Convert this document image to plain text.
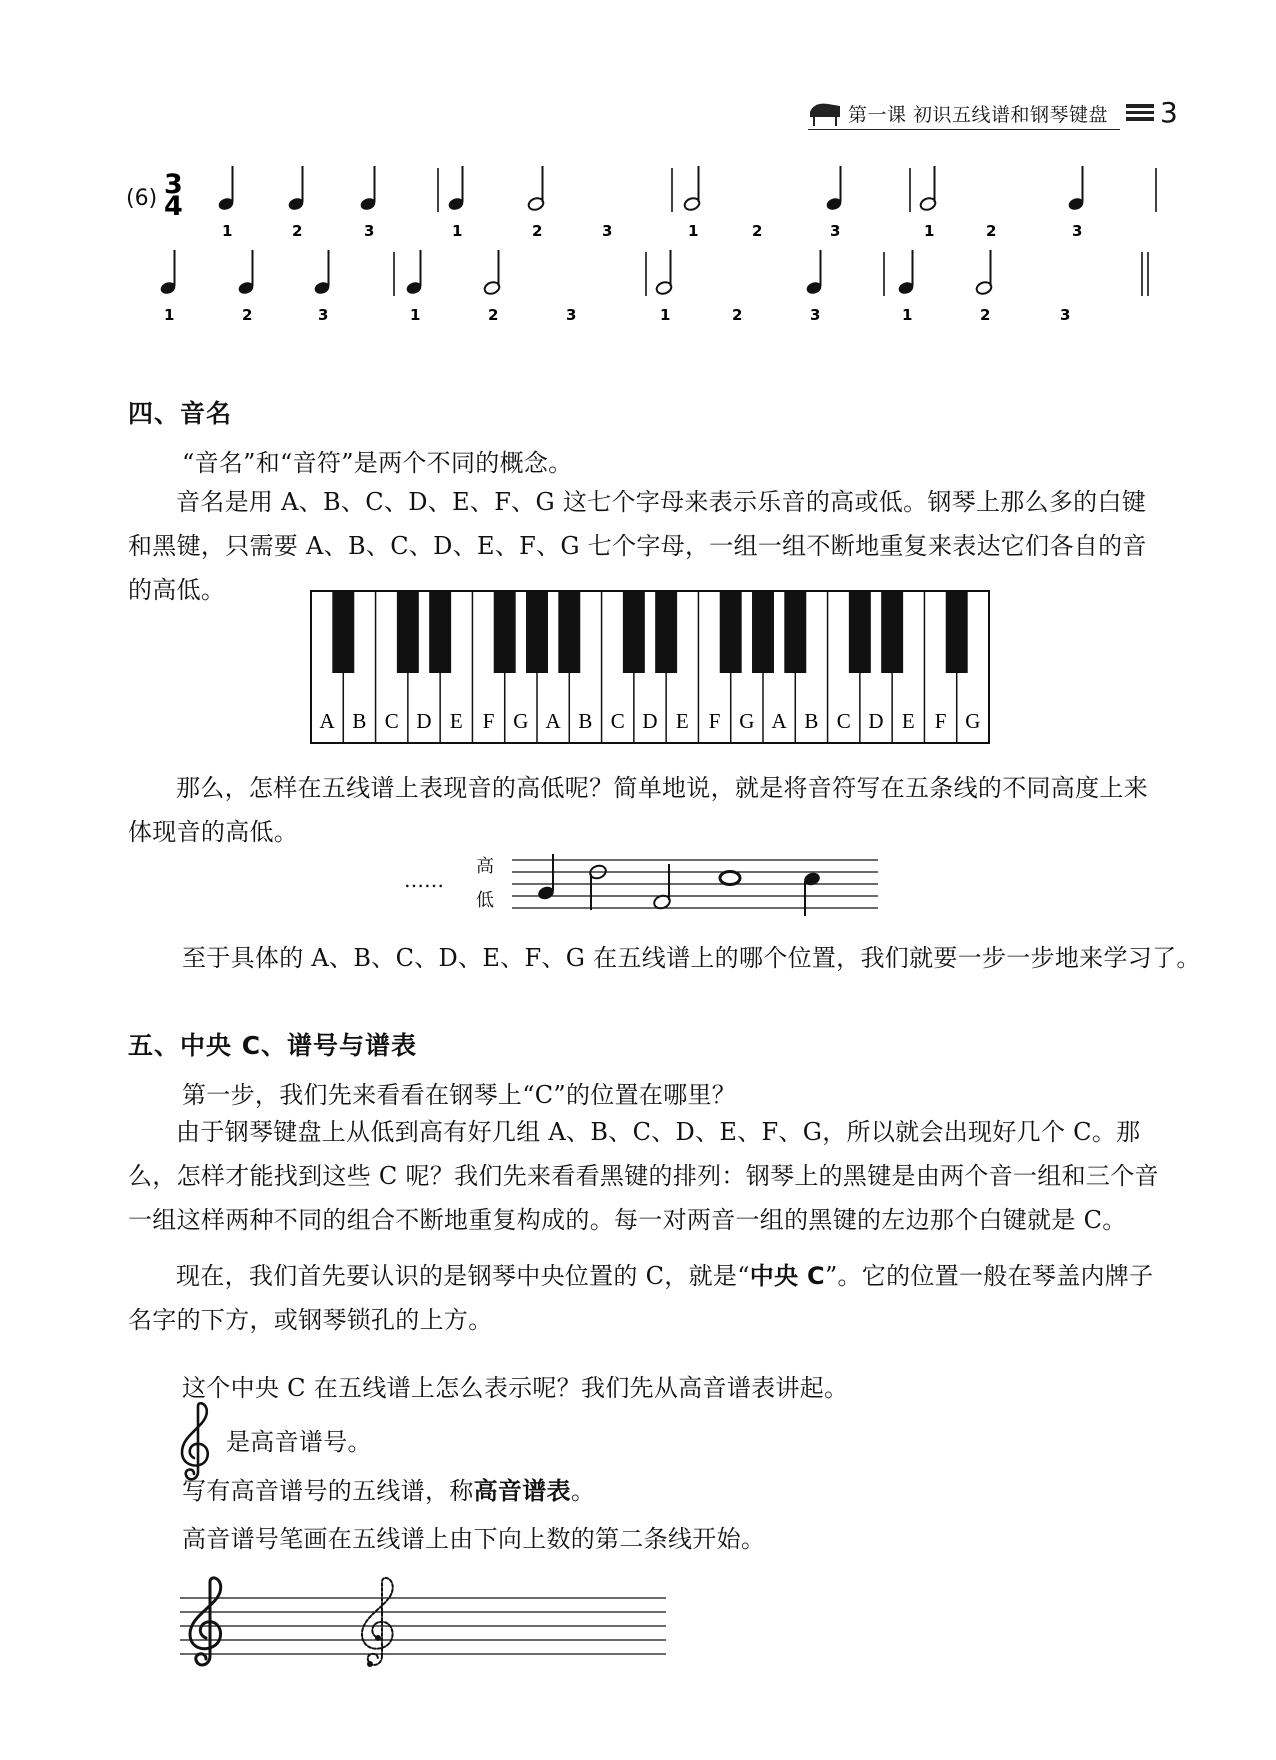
第一课 初识五线谱和钢琴键盘 3
(6) 3
4
1	2	3	1	2	3	1	2	3	1	2	3
1	2	3	1	2	3	1	2	3	1	2	3
四、音名
“音名”和“音符”是两个不同的概念。

音名是用 A、B、C、D、E、F、G 这七个字母来表示乐音的高或低。钢琴上那么多的白键和黑键，只需要 A、B、C、D、E、F、G 七个字母，一组一组不断地重复来表达它们各自的音的高低。

A B C D E F G A B C D E F G A B C D E F G

那么，怎样在五线谱上表现音的高低呢？简单地说，就是将音符写在五条线的不同高度上来体现音的高低。

……
高
低
至于具体的 A、B、C、D、E、F、G 在五线谱上的哪个位置，我们就要一步一步地来学习了。
五、中央 C、谱号与谱表
第一步，我们先来看看在钢琴上“C”的位置在哪里？

由于钢琴键盘上从低到高有好几组 A、B、C、D、E、F、G，所以就会出现好几个 C。那么，怎样才能找到这些 C 呢？我们先来看看黑键的排列：钢琴上的黑键是由两个音一组和三个音一组这样两种不同的组合不断地重复构成的。每一对两音一组的黑键的左边那个白键就是 C。

现在，我们首先要认识的是钢琴中央位置的 C，就是“中央 C”。它的位置一般在琴盖内牌子名字的下方，或钢琴锁孔的上方。

这个中央 C 在五线谱上怎么表示呢？我们先从高音谱表讲起。
是高音谱号。
写有高音谱号的五线谱，称高音谱表。
高音谱号笔画在五线谱上由下向上数的第二条线开始。
